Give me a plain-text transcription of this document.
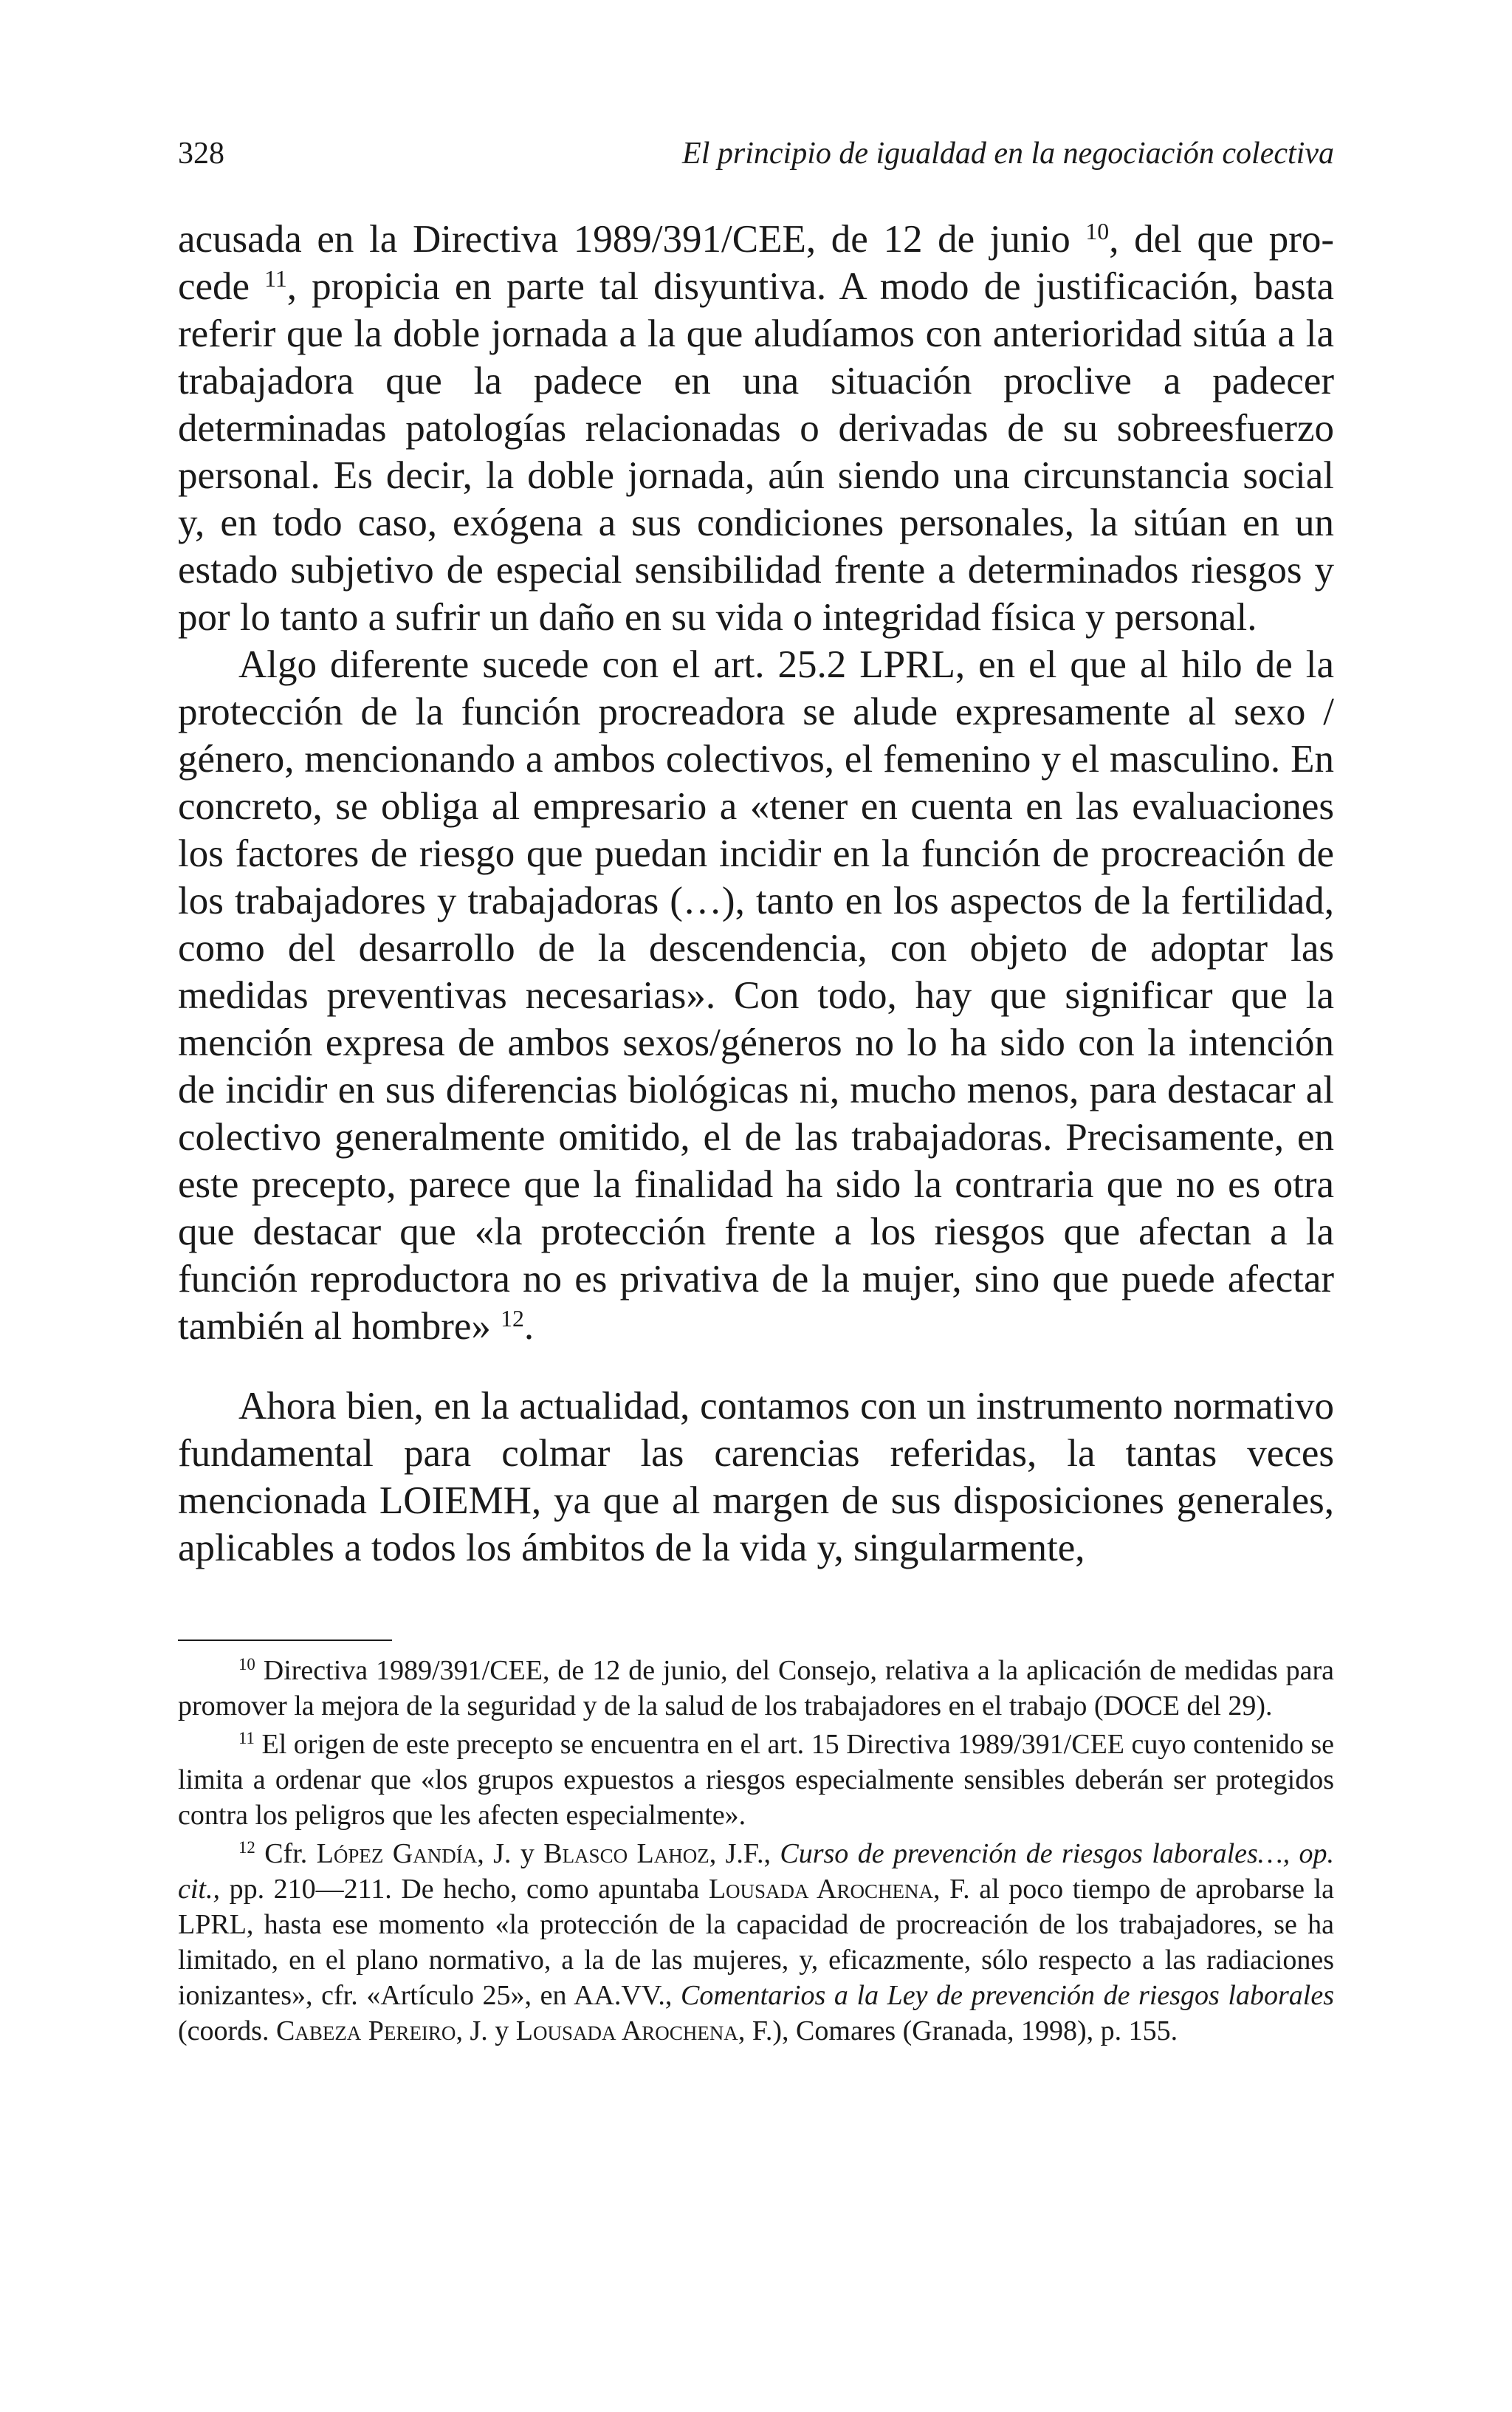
328	El principio de igualdad en la negociación colectiva

acusada en la Directiva 1989/391/CEE, de 12 de junio $^{10}$, del que pro-cede $^{11}$, propicia en parte tal disyuntiva. A modo de justificación, basta referir que la doble jornada a la que aludíamos con anterioridad sitúa a la trabajadora que la padece en una situación proclive a padecer determinadas patologías relacionadas o derivadas de su sobreesfuerzo personal. Es decir, la doble jornada, aún siendo una circunstancia social y, en todo caso, exógena a sus condiciones personales, la sitúan en un estado subjetivo de especial sensibilidad frente a determinados riesgos y por lo tanto a sufrir un daño en su vida o integridad física y personal.

Algo diferente sucede con el art. 25.2 LPRL, en el que al hilo de la protección de la función procreadora se alude expresamente al sexo / género, mencionando a ambos colectivos, el femenino y el masculino. En concreto, se obliga al empresario a «tener en cuenta en las evaluaciones los factores de riesgo que puedan incidir en la función de procreación de los trabajadores y trabajadoras (…), tanto en los aspectos de la fertilidad, como del desarrollo de la descendencia, con objeto de adoptar las medidas preventivas necesarias». Con todo, hay que significar que la mención expresa de ambos sexos/géneros no lo ha sido con la intención de incidir en sus diferencias biológicas ni, mucho menos, para destacar al colectivo generalmente omitido, el de las trabajadoras. Precisamente, en este precepto, parece que la finalidad ha sido la contraria que no es otra que destacar que «la protección frente a los riesgos que afectan a la función reproductora no es privativa de la mujer, sino que puede afectar también al hombre» $^{12}$.

Ahora bien, en la actualidad, contamos con un instrumento normativo fundamental para colmar las carencias referidas, la tantas veces mencionada LOIEMH, ya que al margen de sus disposiciones generales, aplicables a todos los ámbitos de la vida y, singularmente,

$^{10}$ Directiva 1989/391/CEE, de 12 de junio, del Consejo, relativa a la aplicación de medidas para promover la mejora de la seguridad y de la salud de los trabajadores en el trabajo (DOCE del 29).

$^{11}$ El origen de este precepto se encuentra en el art. 15 Directiva 1989/391/CEE cuyo contenido se limita a ordenar que «los grupos expuestos a riesgos especialmente sensibles deberán ser protegidos contra los peligros que les afecten especialmente».

$^{12}$ Cfr. López Gandía, J. y Blasco Lahoz, J.F., Curso de prevención de riesgos laborales…, op. cit., pp. 210—211. De hecho, como apuntaba Lousada Arochena, F. al poco tiempo de aprobarse la LPRL, hasta ese momento «la protección de la capacidad de procreación de los trabajadores, se ha limitado, en el plano normativo, a la de las mujeres, y, eficazmente, sólo respecto a las radiaciones ionizantes», cfr. «Artículo 25», en AA.VV., Comentarios a la Ley de prevención de riesgos laborales (coords. Cabeza Pereiro, J. y Lousada Arochena, F.), Comares (Granada, 1998), p. 155.
